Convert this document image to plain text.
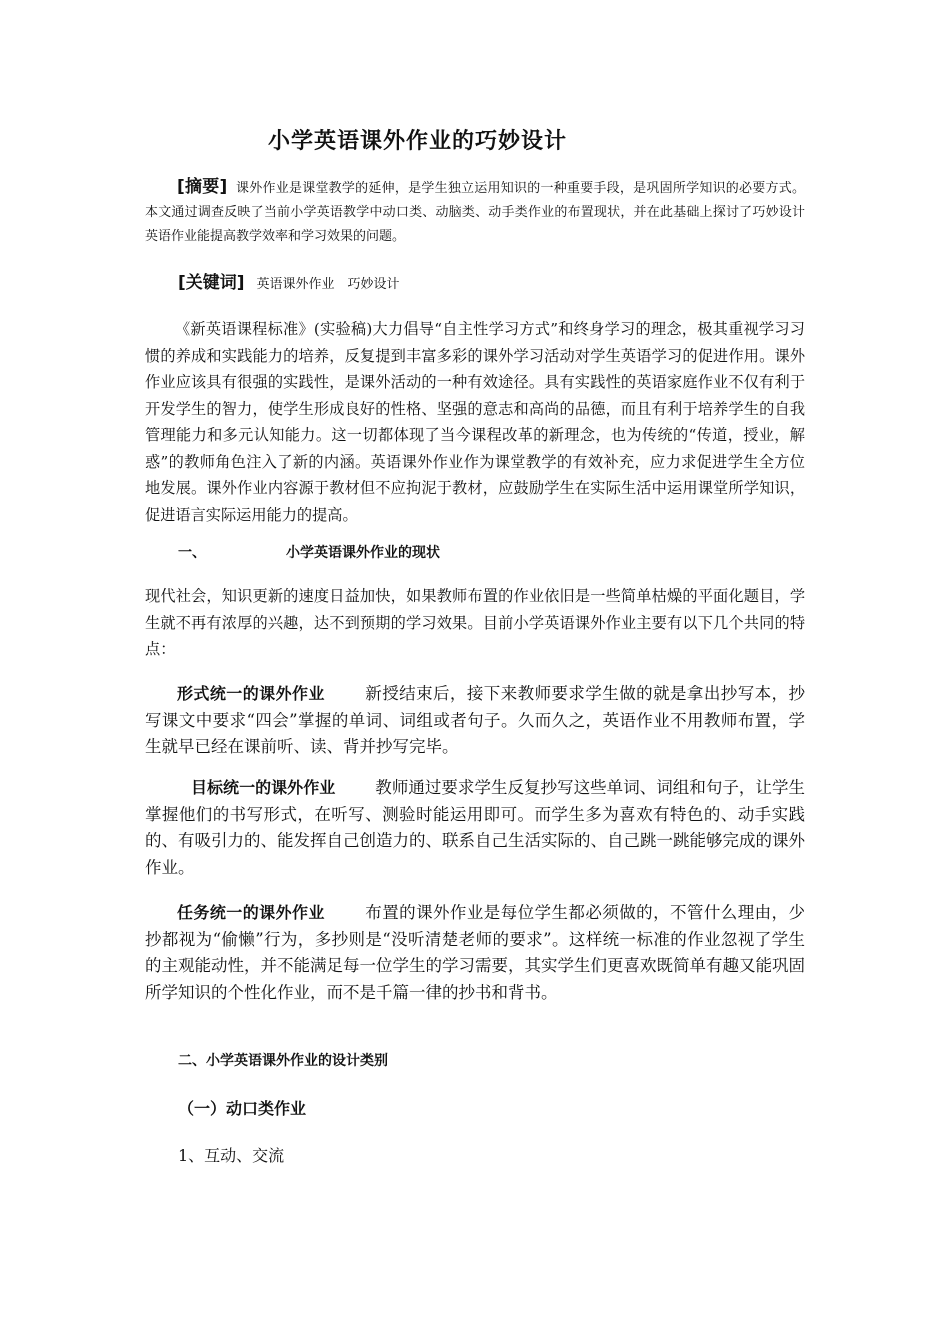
小学英语课外作业的巧妙设计
[摘要] 课外作业是课堂教学的延伸，是学生独立运用知识的一种重要手段，是巩固所学知识的必要方式。本文通过调查反映了当前小学英语教学中动口类、动脑类、动手类作业的布置现状，并在此基础上探讨了巧妙设计英语作业能提高教学效率和学习效果的问题。
[关键词] 英语课外作业　巧妙设计
《新英语课程标准》(实验稿)大力倡导“自主性学习方式”和终身学习的理念，极其重视学习习惯的养成和实践能力的培养，反复提到丰富多彩的课外学习活动对学生英语学习的促进作用。课外作业应该具有很强的实践性，是课外活动的一种有效途径。具有实践性的英语家庭作业不仅有利于开发学生的智力，使学生形成良好的性格、坚强的意志和高尚的品德，而且有利于培养学生的自我管理能力和多元认知能力。这一切都体现了当今课程改革的新理念，也为传统的“传道，授业，解惑”的教师角色注入了新的内涵。英语课外作业作为课堂教学的有效补充，应力求促进学生全方位地发展。课外作业内容源于教材但不应拘泥于教材，应鼓励学生在实际生活中运用课堂所学知识，促进语言实际运用能力的提高。
一、	小学英语课外作业的现状
现代社会，知识更新的速度日益加快，如果教师布置的作业依旧是一些简单枯燥的平面化题目，学生就不再有浓厚的兴趣，达不到预期的学习效果。目前小学英语课外作业主要有以下几个共同的特点：
形式统一的课外作业 新授结束后，接下来教师要求学生做的就是拿出抄写本，抄写课文中要求“四会”掌握的单词、词组或者句子。久而久之，英语作业不用教师布置，学生就早已经在课前听、读、背并抄写完毕。
目标统一的课外作业 教师通过要求学生反复抄写这些单词、词组和句子，让学生掌握他们的书写形式，在听写、测验时能运用即可。而学生多为喜欢有特色的、动手实践的、有吸引力的、能发挥自己创造力的、联系自己生活实际的、自己跳一跳能够完成的课外作业。
任务统一的课外作业 布置的课外作业是每位学生都必须做的，不管什么理由，少抄都视为“偷懒”行为，多抄则是“没听清楚老师的要求”。这样统一标准的作业忽视了学生的主观能动性，并不能满足每一位学生的学习需要，其实学生们更喜欢既简单有趣又能巩固所学知识的个性化作业，而不是千篇一律的抄书和背书。
二、小学英语课外作业的设计类别
（一）动口类作业
1、互动、交流
